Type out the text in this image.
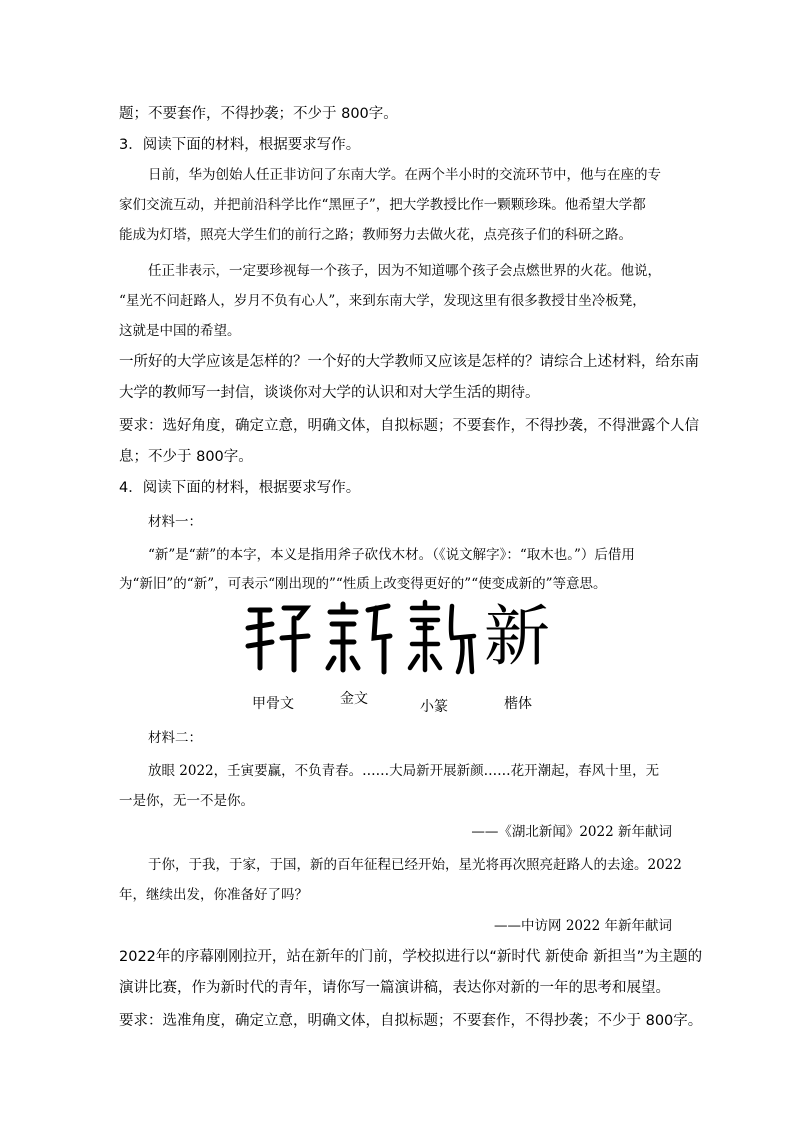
题；不要套作，不得抄袭；不少于 800字。
3．阅读下面的材料，根据要求写作。
日前，华为创始人任正非访问了东南大学。在两个半小时的交流环节中，他与在座的专
家们交流互动，并把前沿科学比作“黑匣子”，把大学教授比作一颗颗珍珠。他希望大学都
能成为灯塔，照亮大学生们的前行之路；教师努力去做火花，点亮孩子们的科研之路。
任正非表示，一定要珍视每一个孩子，因为不知道哪个孩子会点燃世界的火花。他说，
“星光不问赶路人，岁月不负有心人”，来到东南大学，发现这里有很多教授甘坐冷板凳，
这就是中国的希望。
一所好的大学应该是怎样的？一个好的大学教师又应该是怎样的？请综合上述材料，给东南
大学的教师写一封信，谈谈你对大学的认识和对大学生活的期待。
要求：选好角度，确定立意，明确文体，自拟标题；不要套作，不得抄袭，不得泄露个人信
息；不少于 800字。
4．阅读下面的材料，根据要求写作。
材料一：
“新”是“薪”的本字，本义是指用斧子砍伐木材。（《说文解字》：“取木也。”）后借用
为“新旧”的“新”，可表示“刚出现的”“性质上改变得更好的”“使变成新的”等意思。
新
甲骨文	金文	小篆	楷体
材料二：
放眼 2022，壬寅要赢，不负青春。……大局新开展新颜……花开潮起，春风十里，无
一是你，无一不是你。
——《湖北新闻》2022 新年献词
于你，于我，于家，于国，新的百年征程已经开始，星光将再次照亮赶路人的去途。2022
年，继续出发，你准备好了吗？
——中访网 2022 年新年献词
2022年的序幕刚刚拉开，站在新年的门前，学校拟进行以“新时代 新使命 新担当”为主题的
演讲比赛，作为新时代的青年，请你写一篇演讲稿，表达你对新的一年的思考和展望。
要求：选准角度，确定立意，明确文体，自拟标题；不要套作，不得抄袭；不少于 800字。
